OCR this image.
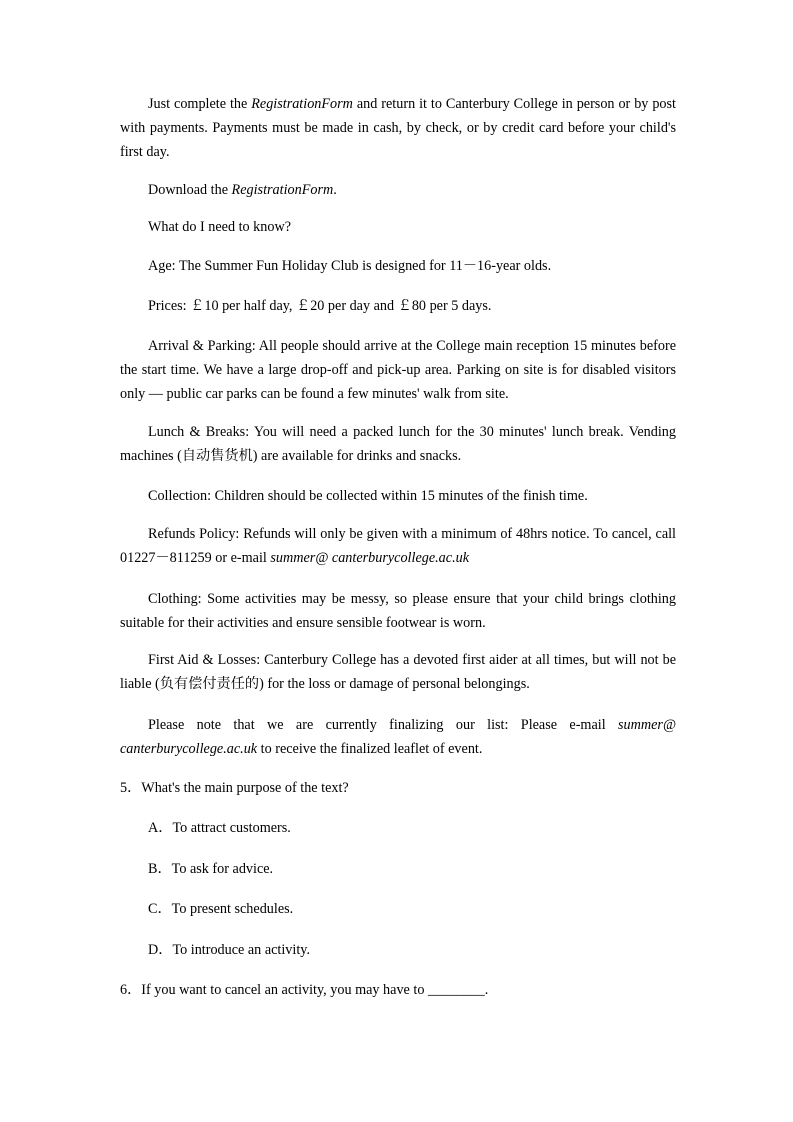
Just complete the RegistrationForm and return it to Canterbury College in person or by post with payments. Payments must be made in cash, by check, or by credit card before your child's first day.

Download the RegistrationForm.

What do I need to know?

Age: The Summer Fun Holiday Club is designed for 11－16-year olds.

Prices: ￡10 per half day, ￡20 per day and ￡80 per 5 days.

Arrival & Parking: All people should arrive at the College main reception 15 minutes before the start time. We have a large drop-off and pick-up area. Parking on site is for disabled visitors only — public car parks can be found a few minutes' walk from site.

Lunch & Breaks: You will need a packed lunch for the 30 minutes' lunch break. Vending machines (自动售货机) are available for drinks and snacks.

Collection: Children should be collected within 15 minutes of the finish time.

Refunds Policy: Refunds will only be given with a minimum of 48hrs notice. To cancel, call 01227－811259 or e-mail summer@ canterburycollege.ac.uk

Clothing: Some activities may be messy, so please ensure that your child brings clothing suitable for their activities and ensure sensible footwear is worn.

First Aid & Losses: Canterbury College has a devoted first aider at all times, but will not be liable (负有偿付责任的) for the loss or damage of personal belongings.

Please note that we are currently finalizing our list: Please e-mail summer@ canterburycollege.ac.uk to receive the finalized leaflet of event.

5．What's the main purpose of the text?

A．To attract customers.

B．To ask for advice.

C．To present schedules.

D．To introduce an activity.

6．If you want to cancel an activity, you may have to ________.
